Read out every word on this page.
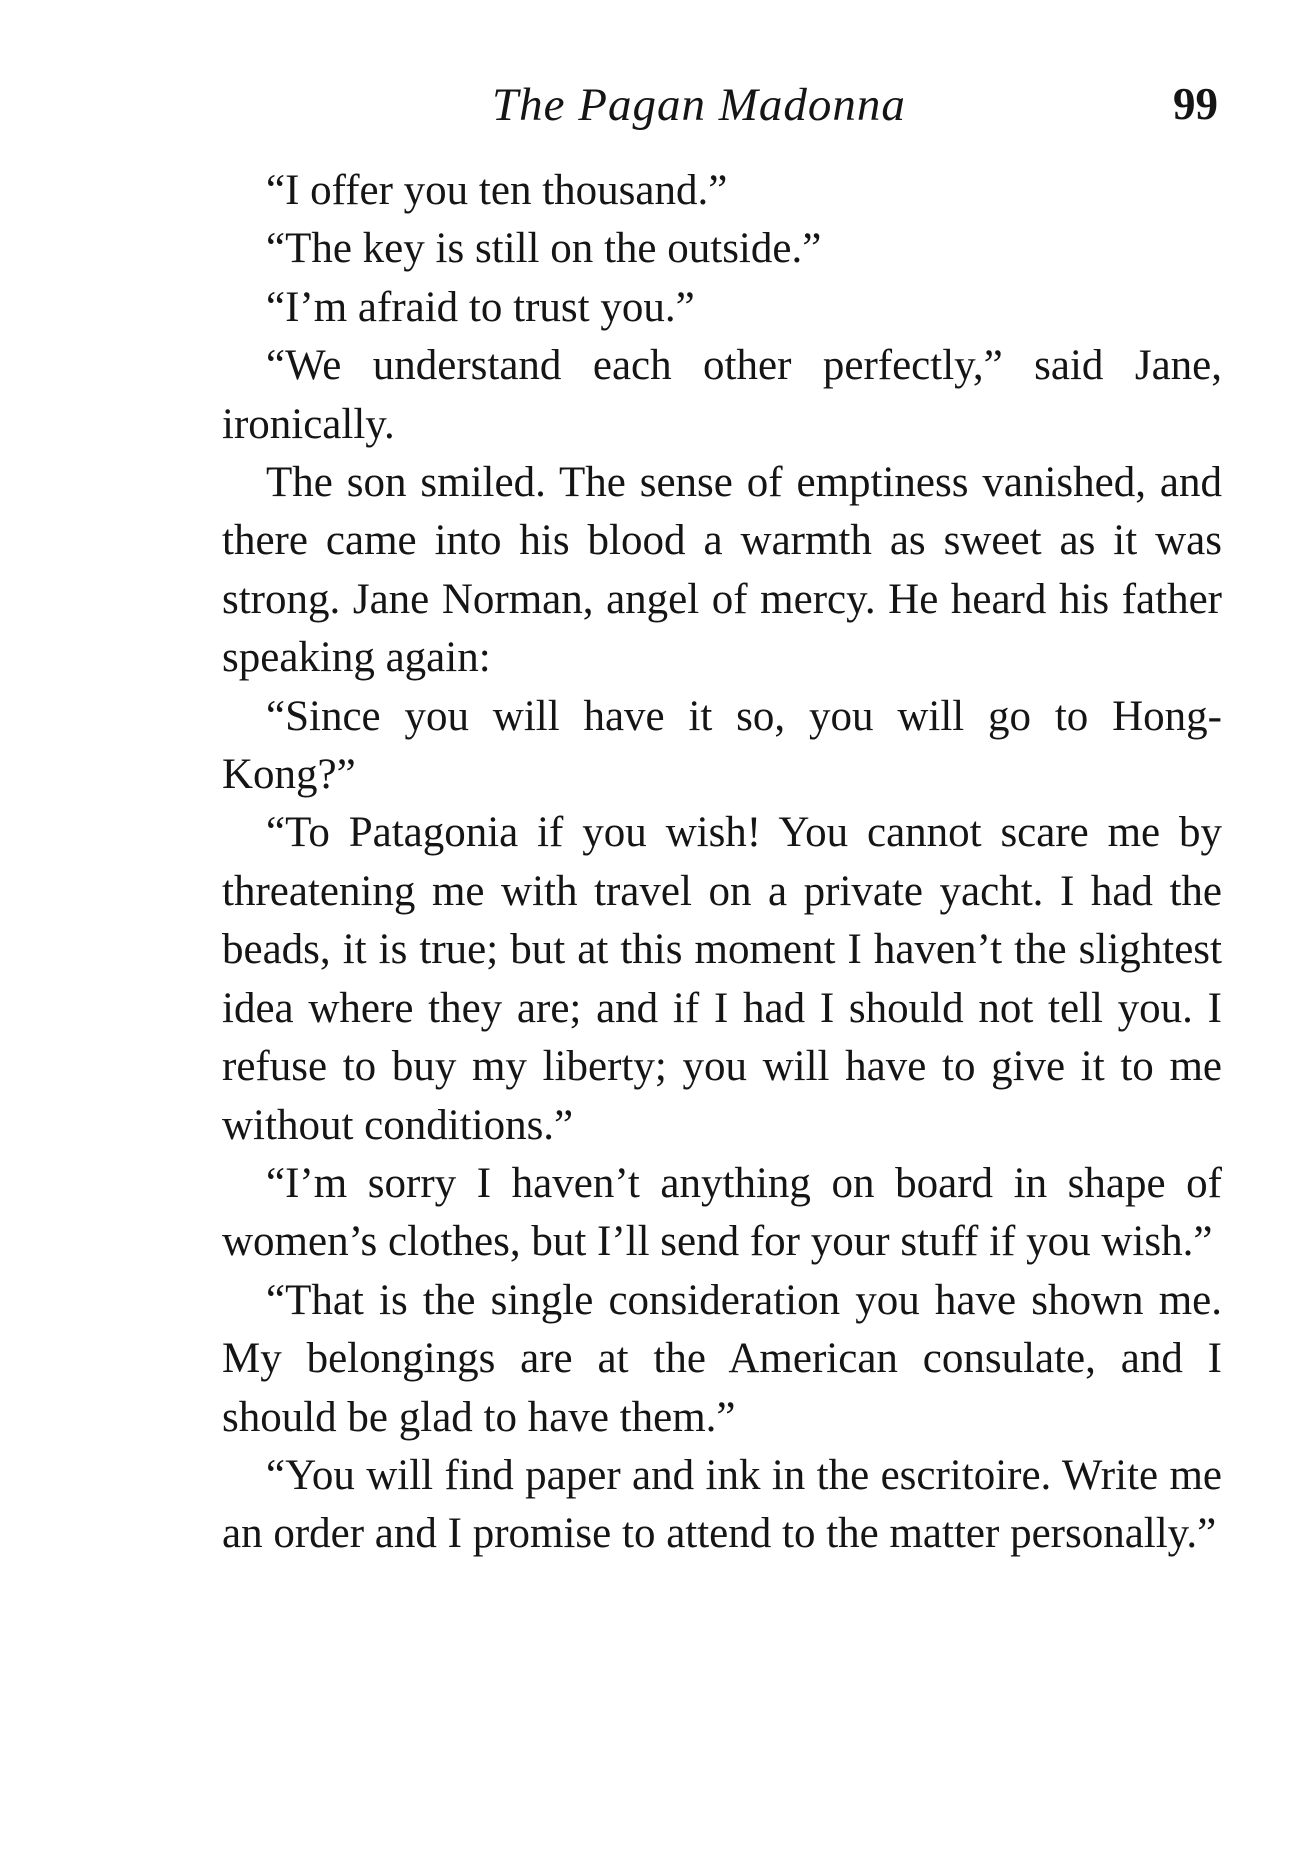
The Pagan Madonna	99

“I offer you ten thousand.”

“The key is still on the outside.”

“I’m afraid to trust you.”

“We understand each other perfectly,” said Jane, ironically.

The son smiled. The sense of emptiness vanished, and there came into his blood a warmth as sweet as it was strong. Jane Norman, angel of mercy. He heard his father speaking again:

“Since you will have it so, you will go to Hong-Kong?”

“To Patagonia if you wish! You cannot scare me by threatening me with travel on a private yacht. I had the beads, it is true; but at this moment I haven’t the slightest idea where they are; and if I had I should not tell you. I refuse to buy my liberty; you will have to give it to me without conditions.”

“I’m sorry I haven’t anything on board in shape of women’s clothes, but I’ll send for your stuff if you wish.”

“That is the single consideration you have shown me. My belongings are at the American consulate, and I should be glad to have them.”

“You will find paper and ink in the escritoire. Write me an order and I promise to attend to the matter personally.”
